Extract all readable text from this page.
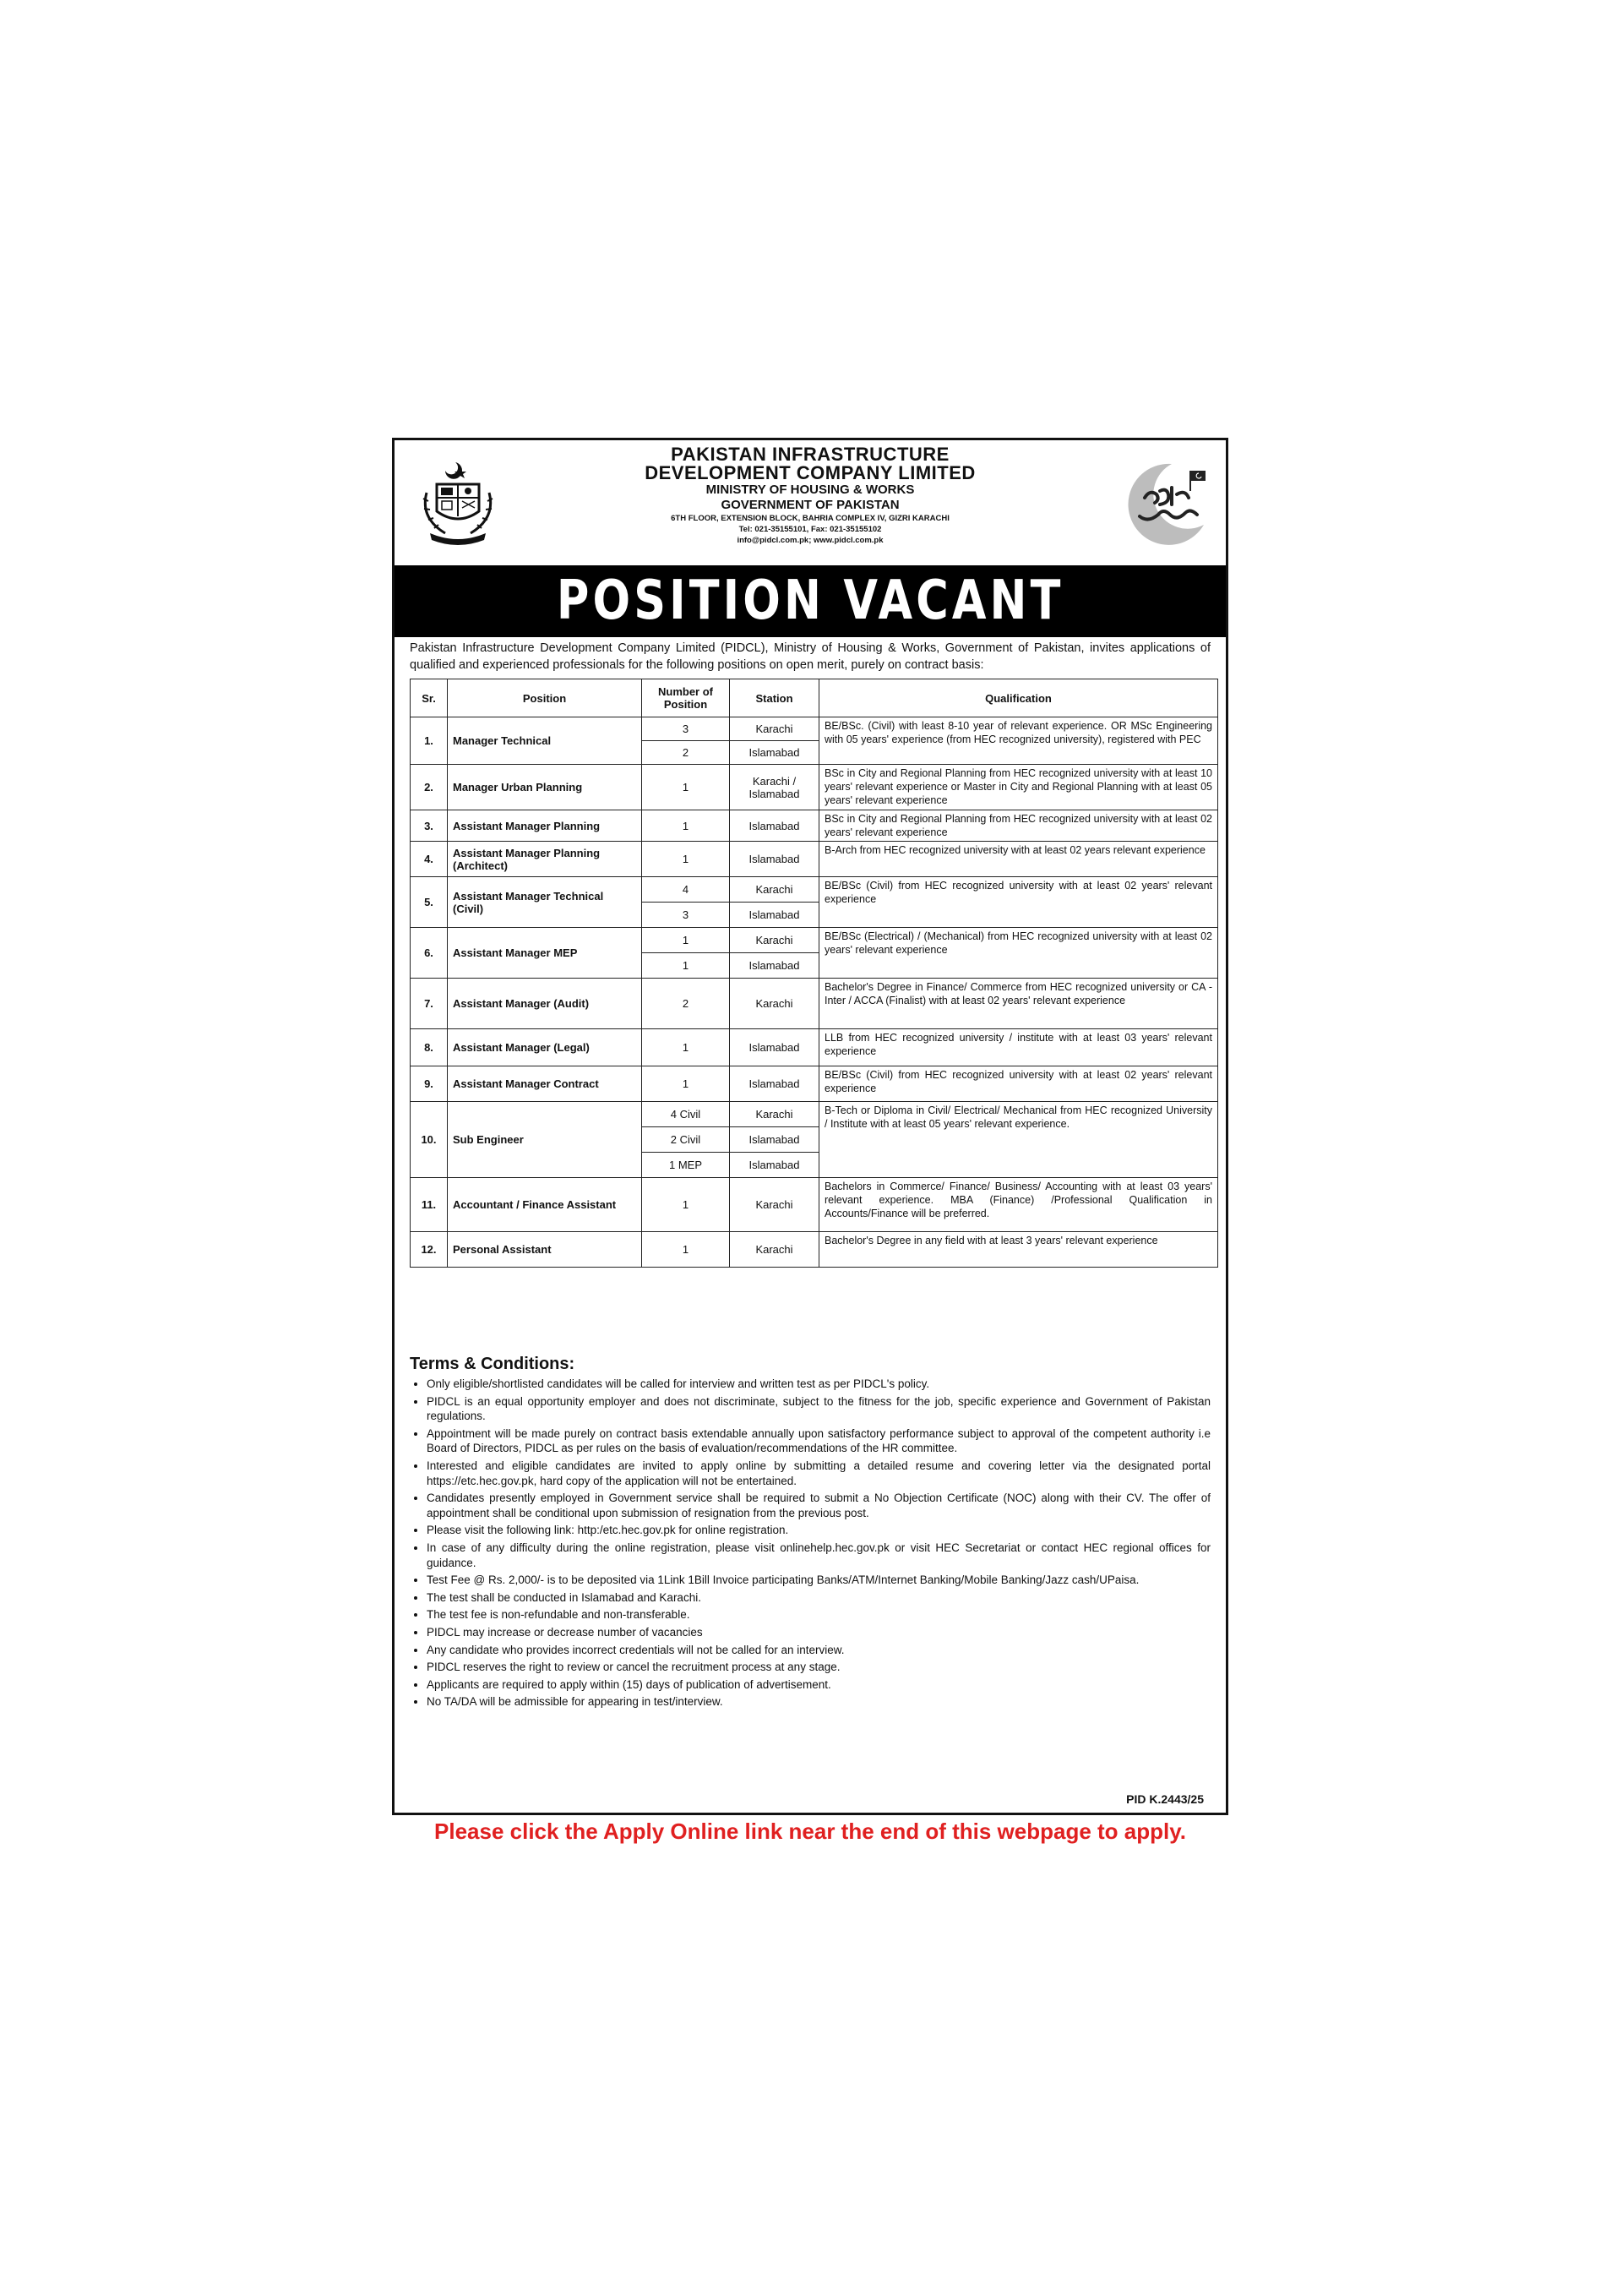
PAKISTAN INFRASTRUCTURE
DEVELOPMENT COMPANY LIMITED
MINISTRY OF HOUSING & WORKS
GOVERNMENT OF PAKISTAN
6TH FLOOR, EXTENSION BLOCK, BAHRIA COMPLEX IV, GIZRI KARACHI
Tel: 021-35155101, Fax: 021-35155102
info@pidcl.com.pk; www.pidcl.com.pk
POSITION VACANT
Pakistan Infrastructure Development Company Limited (PIDCL), Ministry of Housing & Works, Government of Pakistan, invites applications of qualified and experienced professionals for the following positions on open merit, purely on contract basis:
Sr.	Position	Number of Position	Station	Qualification
1.	Manager Technical	3	Karachi	BE/BSc. (Civil) with least 8-10 year of relevant experience. OR MSc Engineering with 05 years' experience (from HEC recognized university), registered with PEC
		2	Islamabad	
2.	Manager Urban Planning	1	Karachi / Islamabad	BSc in City and Regional Planning from HEC recognized university with at least 10 years' relevant experience or Master in City and Regional Planning with at least 05 years' relevant experience
3.	Assistant Manager Planning	1	Islamabad	BSc in City and Regional Planning from HEC recognized university with at least 02 years' relevant experience
4.	Assistant Manager Planning (Architect)	1	Islamabad	B-Arch from HEC recognized university with at least 02 years relevant experience
5.	Assistant Manager Technical (Civil)	4	Karachi	BE/BSc (Civil) from HEC recognized university with at least 02 years' relevant experience
		3	Islamabad	
6.	Assistant Manager MEP	1	Karachi	BE/BSc (Electrical) / (Mechanical) from HEC recognized university with at least 02 years' relevant experience
		1	Islamabad	
7.	Assistant Manager (Audit)	2	Karachi	Bachelor's Degree in Finance/ Commerce from HEC recognized university or CA -Inter / ACCA (Finalist) with at least 02 years' relevant experience
8.	Assistant Manager (Legal)	1	Islamabad	LLB from HEC recognized university / institute with at least 03 years' relevant experience
9.	Assistant Manager Contract	1	Islamabad	BE/BSc (Civil) from HEC recognized university with at least 02 years' relevant experience
10.	Sub Engineer	4 Civil	Karachi	B-Tech or Diploma in Civil/ Electrical/ Mechanical from HEC recognized University / Institute with at least 05 years' relevant experience.
		2 Civil	Islamabad	
		1 MEP	Islamabad	
11.	Accountant / Finance Assistant	1	Karachi	Bachelors in Commerce/ Finance/ Business/ Accounting with at least 03 years' relevant experience. MBA (Finance) /Professional Qualification in Accounts/Finance will be preferred.
12.	Personal Assistant	1	Karachi	Bachelor's Degree in any field with at least 3 years' relevant experience
Terms & Conditions:
• Only eligible/shortlisted candidates will be called for interview and written test as per PIDCL's policy.
• PIDCL is an equal opportunity employer and does not discriminate, subject to the fitness for the job, specific experience and Government of Pakistan regulations.
• Appointment will be made purely on contract basis extendable annually upon satisfactory performance subject to approval of the competent authority i.e Board of Directors, PIDCL as per rules on the basis of evaluation/recommendations of the HR committee.
• Interested and eligible candidates are invited to apply online by submitting a detailed resume and covering letter via the designated portal https://etc.hec.gov.pk, hard copy of the application will not be entertained.
• Candidates presently employed in Government service shall be required to submit a No Objection Certificate (NOC) along with their CV. The offer of appointment shall be conditional upon submission of resignation from the previous post.
• Please visit the following link: http:/etc.hec.gov.pk for online registration.
• In case of any difficulty during the online registration, please visit onlinehelp.hec.gov.pk or visit HEC Secretariat or contact HEC regional offices for guidance.
• Test Fee @ Rs. 2,000/- is to be deposited via 1Link 1Bill Invoice participating Banks/ATM/Internet Banking/Mobile Banking/Jazz cash/UPaisa.
• The test shall be conducted in Islamabad and Karachi.
• The test fee is non-refundable and non-transferable.
• PIDCL may increase or decrease number of vacancies
• Any candidate who provides incorrect credentials will not be called for an interview.
• PIDCL reserves the right to review or cancel the recruitment process at any stage.
• Applicants are required to apply within (15) days of publication of advertisement.
• No TA/DA will be admissible for appearing in test/interview.
PID K.2443/25
Please click the Apply Online link near the end of this webpage to apply.
